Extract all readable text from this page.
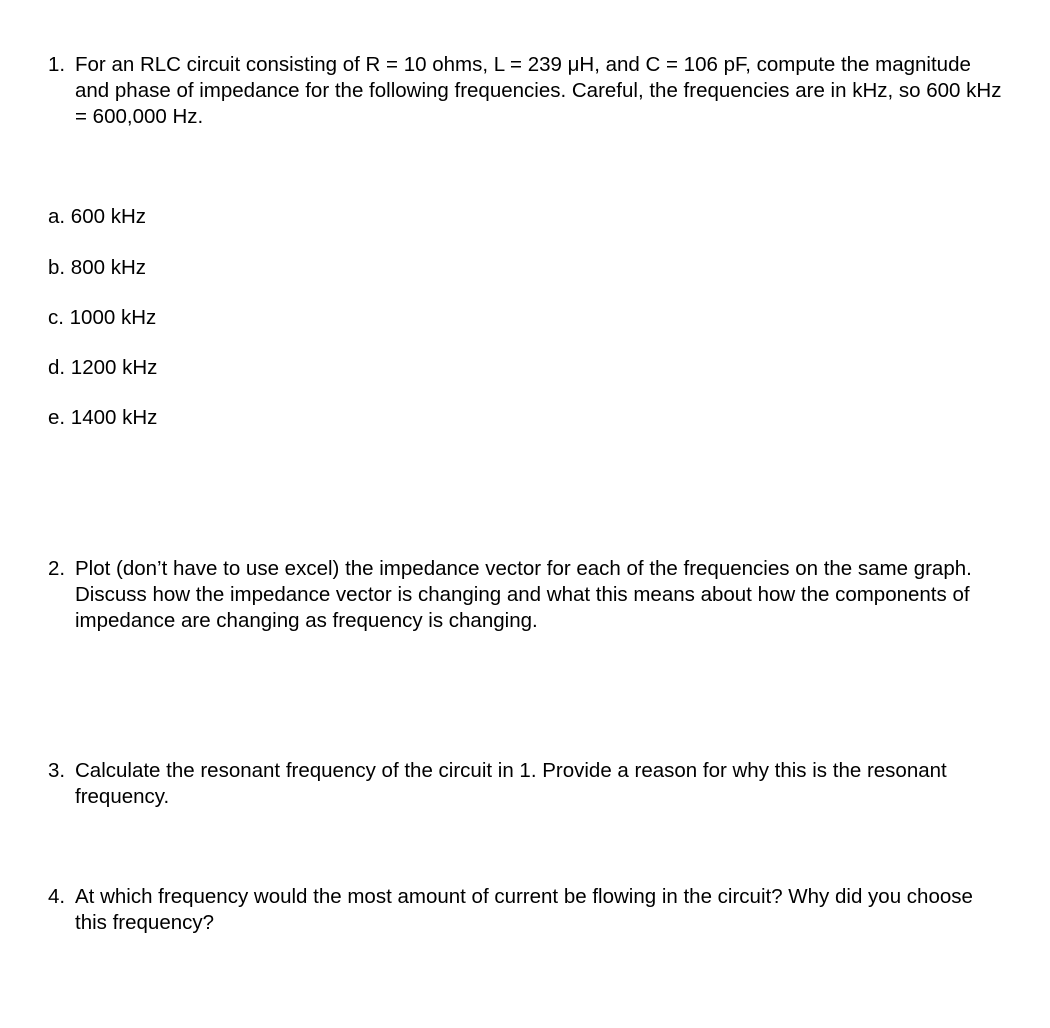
1. For an RLC circuit consisting of R = 10 ohms, L = 239 μH, and C = 106 pF, compute the magnitude and phase of impedance for the following frequencies. Careful, the frequencies are in kHz, so 600 kHz = 600,000 Hz.
a. 600 kHz
b. 800 kHz
c. 1000 kHz
d. 1200 kHz
e. 1400 kHz
2. Plot (don’t have to use excel) the impedance vector for each of the frequencies on the same graph. Discuss how the impedance vector is changing and what this means about how the components of impedance are changing as frequency is changing.
3. Calculate the resonant frequency of the circuit in 1. Provide a reason for why this is the resonant frequency.
4. At which frequency would the most amount of current be flowing in the circuit? Why did you choose this frequency?
